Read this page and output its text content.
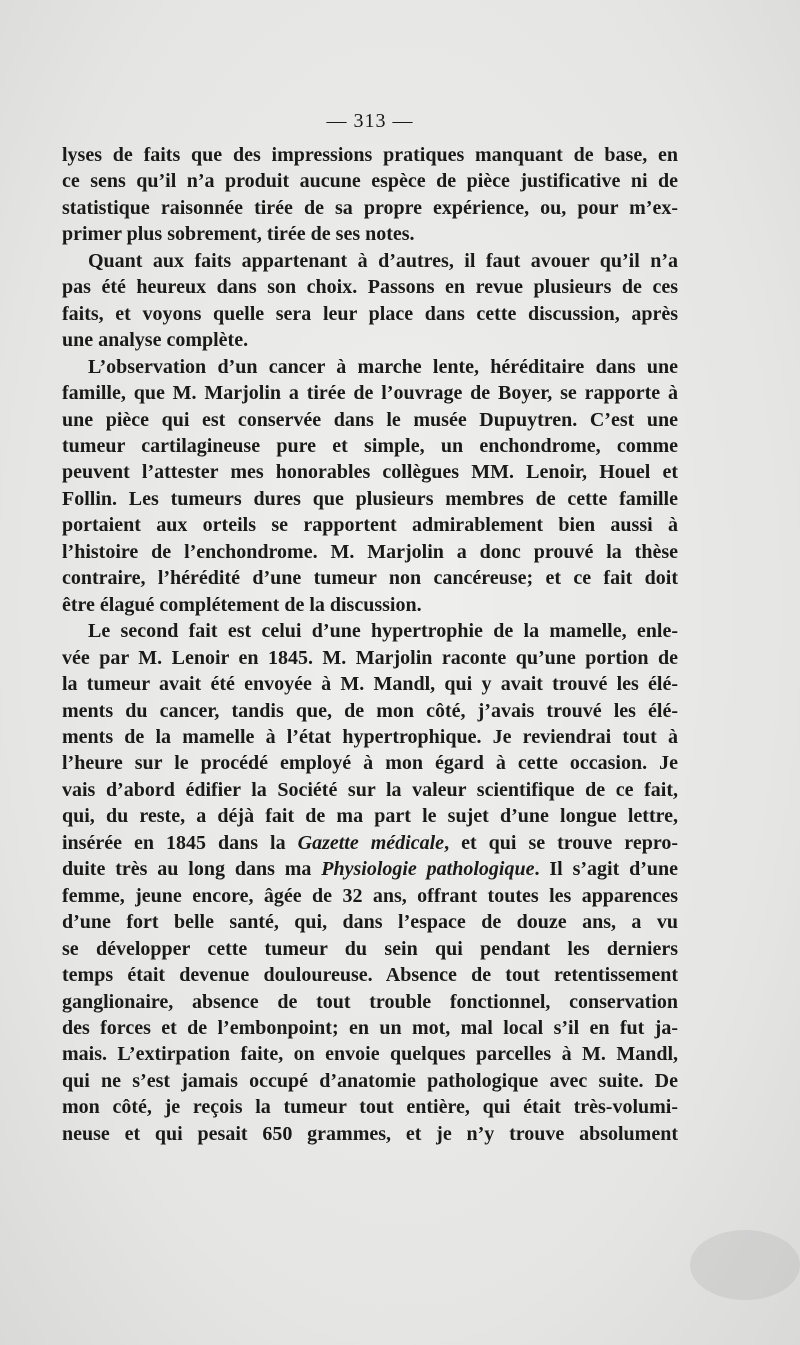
— 313 —
lyses de faits que des impressions pratiques manquant de base, en
ce sens qu’il n’a produit aucune espèce de pièce justificative ni de
statistique raisonnée tirée de sa propre expérience, ou, pour m’ex-
primer plus sobrement, tirée de ses notes.
Quant aux faits appartenant à d’autres, il faut avouer qu’il n’a
pas été heureux dans son choix. Passons en revue plusieurs de ces
faits, et voyons quelle sera leur place dans cette discussion, après
une analyse complète.
L’observation d’un cancer à marche lente, héréditaire dans une
famille, que M. Marjolin a tirée de l’ouvrage de Boyer, se rapporte à
une pièce qui est conservée dans le musée Dupuytren. C’est une
tumeur cartilagineuse pure et simple, un enchondrome, comme
peuvent l’attester mes honorables collègues MM. Lenoir, Houel et
Follin. Les tumeurs dures que plusieurs membres de cette famille
portaient aux orteils se rapportent admirablement bien aussi à
l’histoire de l’enchondrome. M. Marjolin a donc prouvé la thèse
contraire, l’hérédité d’une tumeur non cancéreuse; et ce fait doit
être élagué complétement de la discussion.
Le second fait est celui d’une hypertrophie de la mamelle, enle-
vée par M. Lenoir en 1845. M. Marjolin raconte qu’une portion de
la tumeur avait été envoyée à M. Mandl, qui y avait trouvé les élé-
ments du cancer, tandis que, de mon côté, j’avais trouvé les élé-
ments de la mamelle à l’état hypertrophique. Je reviendrai tout à
l’heure sur le procédé employé à mon égard à cette occasion. Je
vais d’abord édifier la Société sur la valeur scientifique de ce fait,
qui, du reste, a déjà fait de ma part le sujet d’une longue lettre,
insérée en 1845 dans la Gazette médicale, et qui se trouve repro-
duite très au long dans ma Physiologie pathologique. Il s’agit d’une
femme, jeune encore, âgée de 32 ans, offrant toutes les apparences
d’une fort belle santé, qui, dans l’espace de douze ans, a vu
se développer cette tumeur du sein qui pendant les derniers
temps était devenue douloureuse. Absence de tout retentissement
ganglionaire, absence de tout trouble fonctionnel, conservation
des forces et de l’embonpoint; en un mot, mal local s’il en fut ja-
mais. L’extirpation faite, on envoie quelques parcelles à M. Mandl,
qui ne s’est jamais occupé d’anatomie pathologique avec suite. De
mon côté, je reçois la tumeur tout entière, qui était très-volumi-
neuse et qui pesait 650 grammes, et je n’y trouve absolument
